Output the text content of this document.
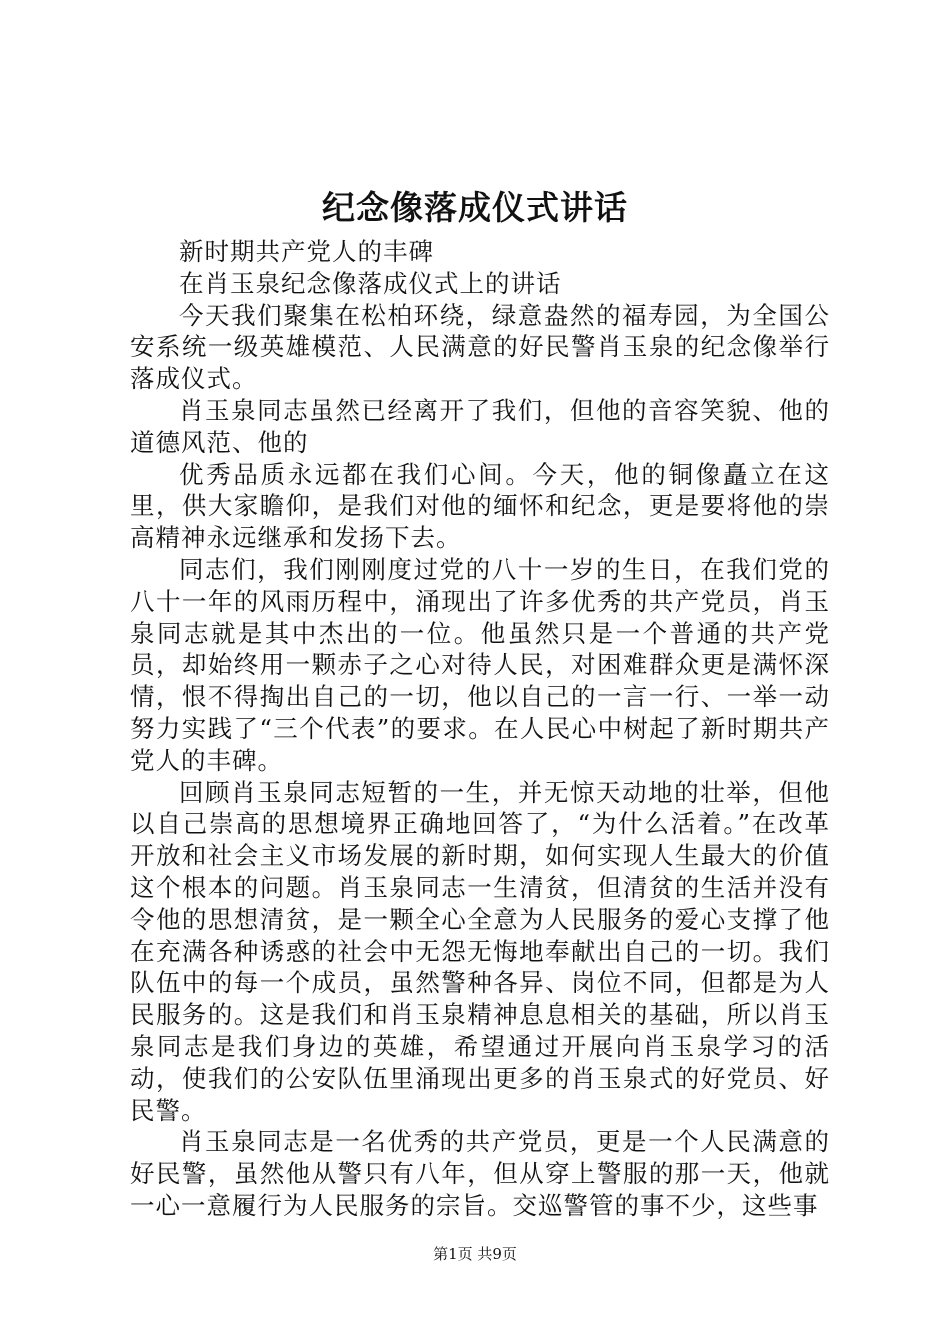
纪念像落成仪式讲话

新时期共产党人的丰碑

在肖玉泉纪念像落成仪式上的讲话

今天我们聚集在松柏环绕，绿意盎然的福寿园，为全国公安系统一级英雄模范、人民满意的好民警肖玉泉的纪念像举行落成仪式。

肖玉泉同志虽然已经离开了我们，但他的音容笑貌、他的道德风范、他的

优秀品质永远都在我们心间。今天，他的铜像矗立在这里，供大家瞻仰，是我们对他的缅怀和纪念，更是要将他的崇高精神永远继承和发扬下去。

同志们，我们刚刚度过党的八十一岁的生日，在我们党的八十一年的风雨历程中，涌现出了许多优秀的共产党员，肖玉泉同志就是其中杰出的一位。他虽然只是一个普通的共产党员，却始终用一颗赤子之心对待人民，对困难群众更是满怀深情，恨不得掏出自己的一切，他以自己的一言一行、一举一动努力实践了“三个代表”的要求。在人民心中树起了新时期共产党人的丰碑。

回顾肖玉泉同志短暂的一生，并无惊天动地的壮举，但他以自己崇高的思想境界正确地回答了，“为什么活着。”在改革开放和社会主义市场发展的新时期，如何实现人生最大的价值这个根本的问题。肖玉泉同志一生清贫，但清贫的生活并没有令他的思想清贫，是一颗全心全意为人民服务的爱心支撑了他在充满各种诱惑的社会中无怨无悔地奉献出自己的一切。我们队伍中的每一个成员，虽然警种各异、岗位不同，但都是为人民服务的。这是我们和肖玉泉精神息息相关的基础，所以肖玉泉同志是我们身边的英雄，希望通过开展向肖玉泉学习的活动，使我们的公安队伍里涌现出更多的肖玉泉式的好党员、好民警。

肖玉泉同志是一名优秀的共产党员，更是一个人民满意的好民警，虽然他从警只有八年，但从穿上警服的那一天，他就一心一意履行为人民服务的宗旨。交巡警管的事不少，这些事

第1页 共9页
